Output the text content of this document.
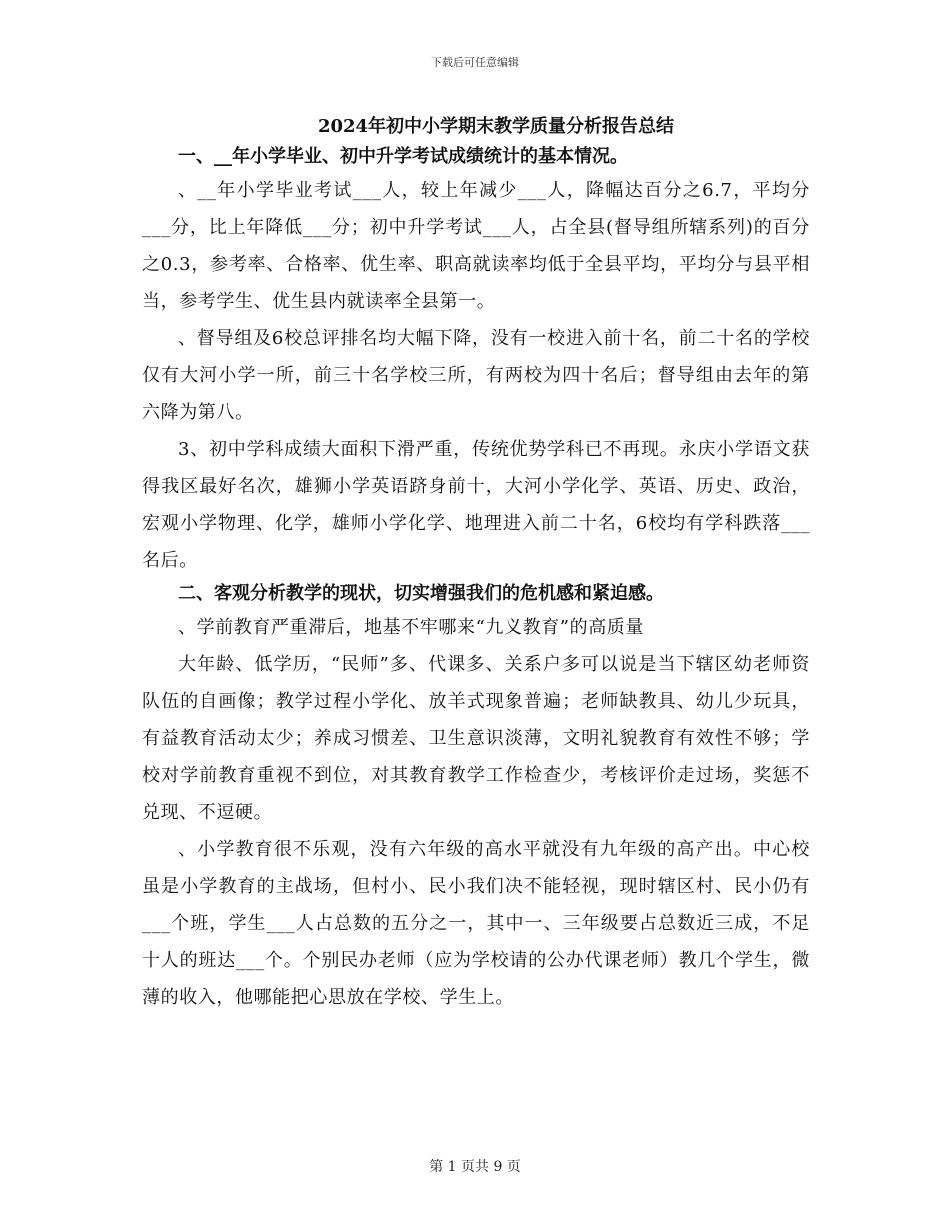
下载后可任意编辑
2024年初中小学期末教学质量分析报告总结
一、__年小学毕业、初中升学考试成绩统计的基本情况。

、__年小学毕业考试___人，较上年减少___人，降幅达百分之6.7，平均分___分，比上年降低___分；初中升学考试___人，占全县(督导组所辖系列)的百分之0.3，参考率、合格率、优生率、职高就读率均低于全县平均，平均分与县平相当，参考学生、优生县内就读率全县第一。

、督导组及6校总评排名均大幅下降，没有一校进入前十名，前二十名的学校仅有大河小学一所，前三十名学校三所，有两校为四十名后；督导组由去年的第六降为第八。

3、初中学科成绩大面积下滑严重，传统优势学科已不再现。永庆小学语文获得我区最好名次，雄狮小学英语跻身前十，大河小学化学、英语、历史、政治，宏观小学物理、化学，雄师小学化学、地理进入前二十名，6校均有学科跌落___名后。

二、客观分析教学的现状，切实增强我们的危机感和紧迫感。

、学前教育严重滞后，地基不牢哪来“九义教育”的高质量

大年龄、低学历，“民师”多、代课多、关系户多可以说是当下辖区幼老师资队伍的自画像；教学过程小学化、放羊式现象普遍；老师缺教具、幼儿少玩具，有益教育活动太少；养成习惯差、卫生意识淡薄，文明礼貌教育有效性不够；学校对学前教育重视不到位，对其教育教学工作检查少，考核评价走过场，奖惩不兑现、不逗硬。

、小学教育很不乐观，没有六年级的高水平就没有九年级的高产出。中心校虽是小学教育的主战场，但村小、民小我们决不能轻视，现时辖区村、民小仍有___个班，学生___人占总数的五分之一，其中一、三年级要占总数近三成，不足十人的班达___个。个别民办老师（应为学校请的公办代课老师）教几个学生，微薄的收入，他哪能把心思放在学校、学生上。

第 1 页共 9 页
